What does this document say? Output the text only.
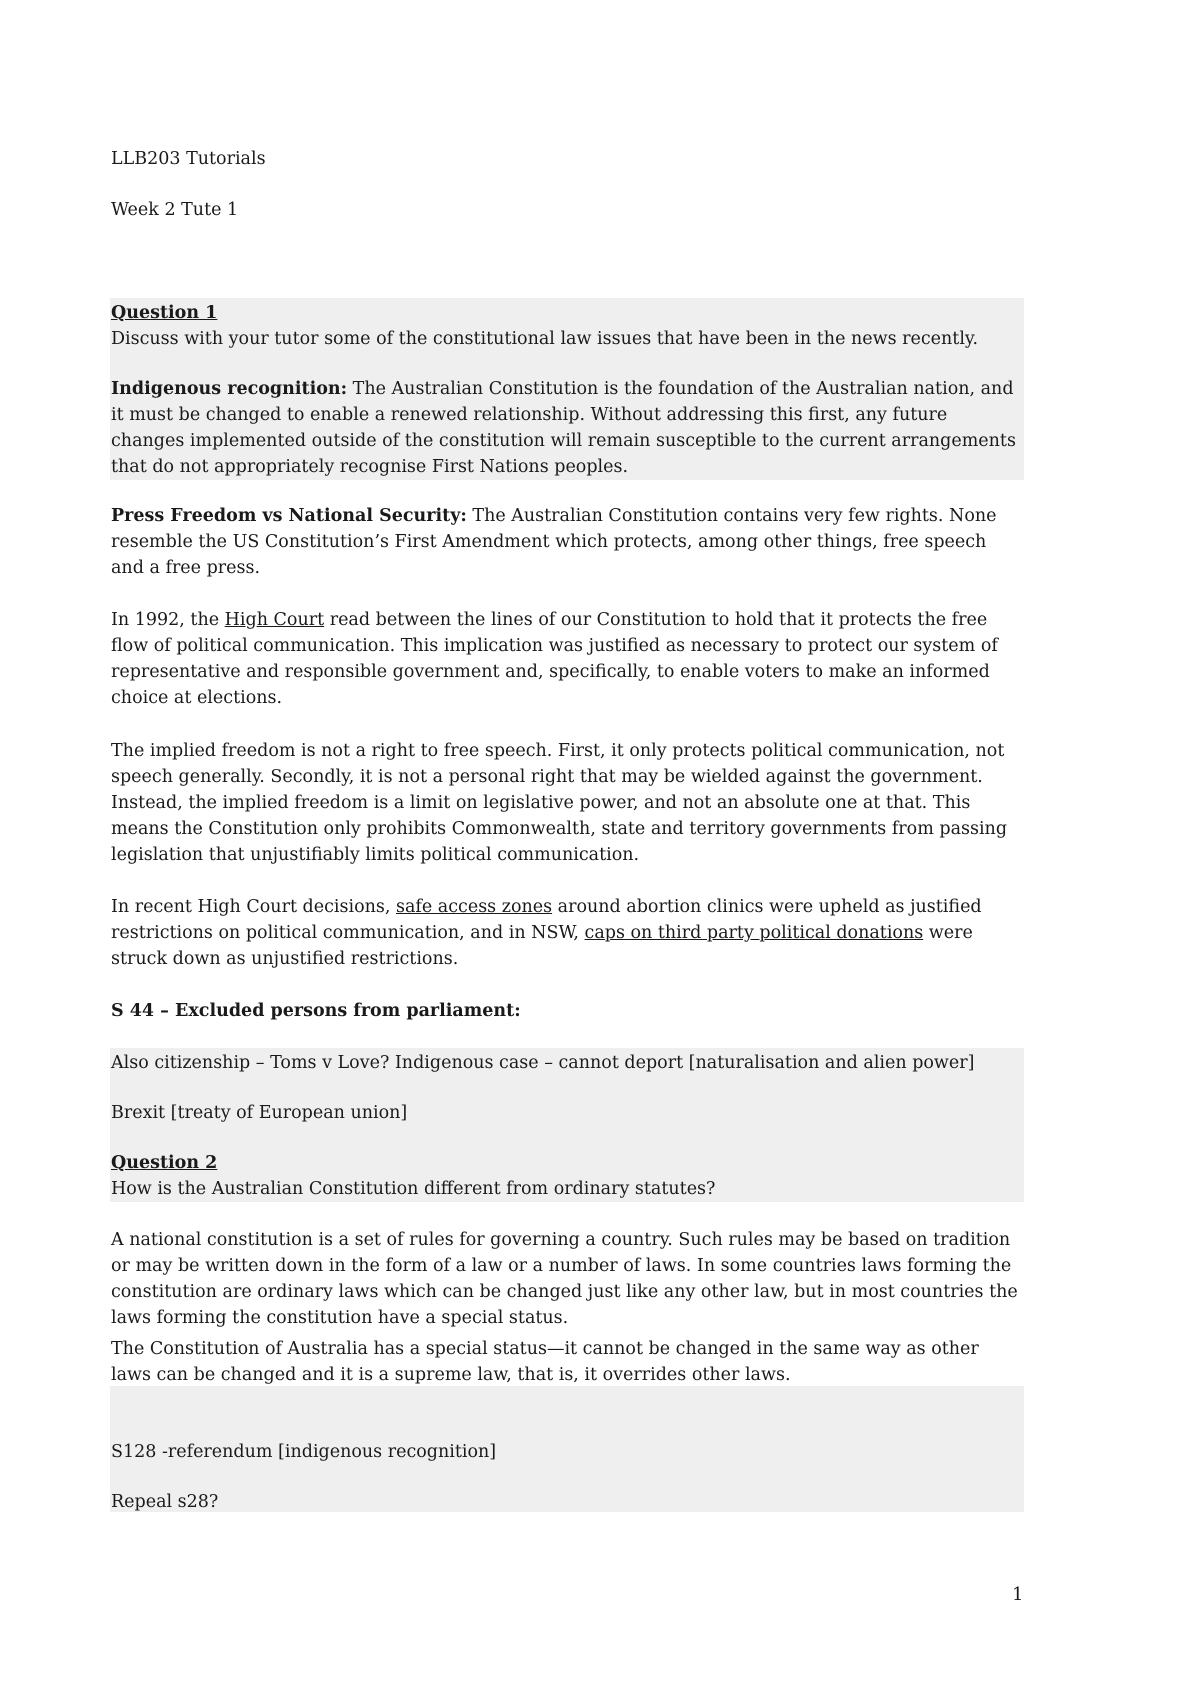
LLB203 Tutorials

Week 2 Tute 1

Question 1

Discuss with your tutor some of the constitutional law issues that have been in the news recently.

Indigenous recognition: The Australian Constitution is the foundation of the Australian nation, and it must be changed to enable a renewed relationship. Without addressing this first, any future changes implemented outside of the constitution will remain susceptible to the current arrangements that do not appropriately recognise First Nations peoples.

Press Freedom vs National Security: The Australian Constitution contains very few rights. None resemble the US Constitution’s First Amendment which protects, among other things, free speech and a free press.

In 1992, the High Court read between the lines of our Constitution to hold that it protects the free flow of political communication. This implication was justified as necessary to protect our system of representative and responsible government and, specifically, to enable voters to make an informed choice at elections.

The implied freedom is not a right to free speech. First, it only protects political communication, not speech generally. Secondly, it is not a personal right that may be wielded against the government. Instead, the implied freedom is a limit on legislative power, and not an absolute one at that. This means the Constitution only prohibits Commonwealth, state and territory governments from passing legislation that unjustifiably limits political communication.

In recent High Court decisions, safe access zones around abortion clinics were upheld as justified restrictions on political communication, and in NSW, caps on third party political donations were struck down as unjustified restrictions.

S 44 – Excluded persons from parliament:

Also citizenship – Toms v Love? Indigenous case – cannot deport [naturalisation and alien power]

Brexit [treaty of European union]

Question 2

How is the Australian Constitution different from ordinary statutes?

A national constitution is a set of rules for governing a country. Such rules may be based on tradition or may be written down in the form of a law or a number of laws. In some countries laws forming the constitution are ordinary laws which can be changed just like any other law, but in most countries the laws forming the constitution have a special status.

The Constitution of Australia has a special status—it cannot be changed in the same way as other laws can be changed and it is a supreme law, that is, it overrides other laws.

S128 -referendum [indigenous recognition]

Repeal s28?

1
